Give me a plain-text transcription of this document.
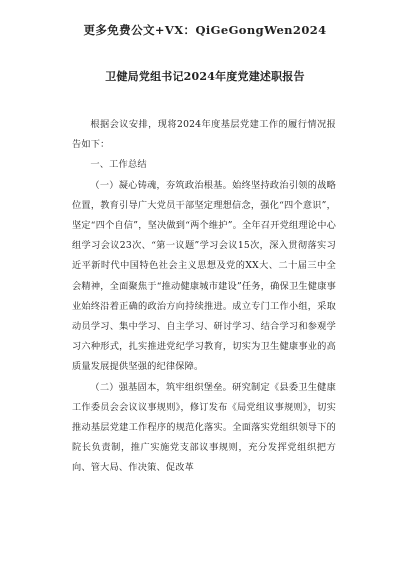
更多免费公文+VX：QiGeGongWen2024
卫健局党组书记2024年度党建述职报告

根据会议安排，现将2024年度基层党建工作的履行情况报告如下：

一、工作总结

（一）凝心铸魂，夯筑政治根基。始终坚持政治引领的战略位置，教育引导广大党员干部坚定理想信念，强化“四个意识”，坚定“四个自信”，坚决做到“两个维护”。全年召开党组理论中心组学习会议23次、“第一议题”学习会议15次，深入贯彻落实习近平新时代中国特色社会主义思想及党的XX大、二十届三中全会精神，全面聚焦于“推动健康城市建设”任务，确保卫生健康事业始终沿着正确的政治方向持续推进。成立专门工作小组，采取动员学习、集中学习、自主学习、研讨学习、结合学习和参观学习六种形式，扎实推进党纪学习教育，切实为卫生健康事业的高质量发展提供坚强的纪律保障。

（二）强基固本，筑牢组织堡垒。研究制定《县委卫生健康工作委员会会议议事规则》，修订发布《局党组议事规则》，切实推动基层党建工作程序的规范化落实。全面落实党组织领导下的院长负责制，推广实施党支部议事规则，充分发挥党组织把方向、管大局、作决策、促改革
